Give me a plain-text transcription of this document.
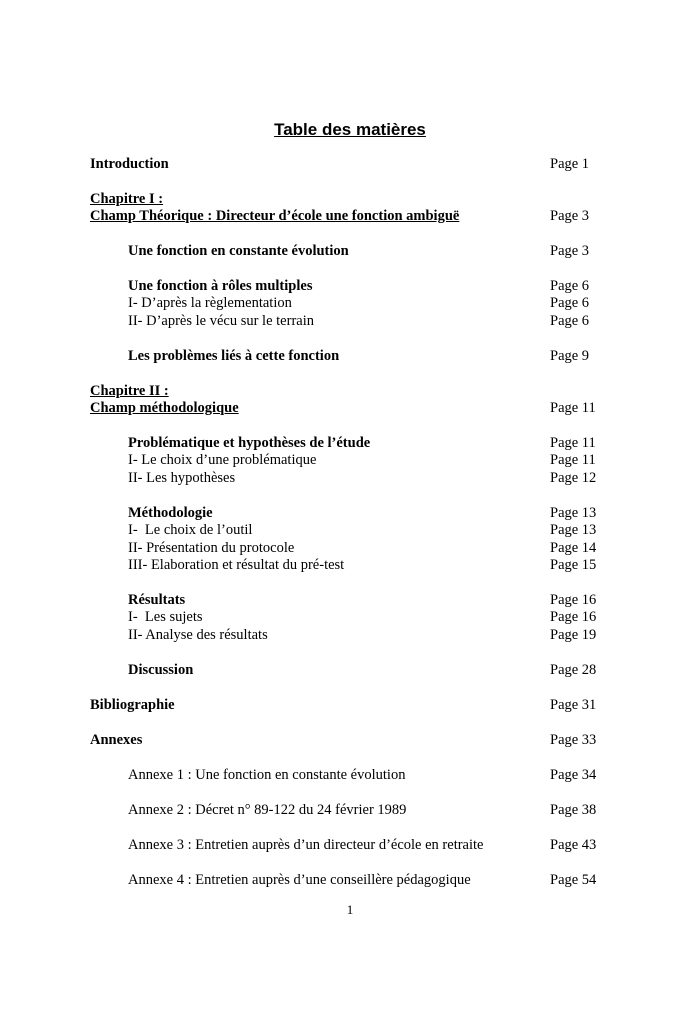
Table des matières
Introduction	Page 1
Chapitre I :
Champ Théorique : Directeur d’école une fonction ambiguë	Page 3
Une fonction en constante évolution	Page 3
Une fonction à rôles multiples	Page 6
I- D’après la règlementation	Page 6
II- D’après le vécu sur le terrain	Page 6
Les problèmes liés à cette fonction	Page 9
Chapitre II :
Champ méthodologique	Page 11
Problématique et hypothèses de l’étude	Page 11
I- Le choix d’une problématique	Page 11
II- Les hypothèses	Page 12
Méthodologie	Page 13
I-  Le choix de l’outil	Page 13
II- Présentation du protocole	Page 14
III- Elaboration et résultat du pré-test	Page 15
Résultats	Page 16
I-  Les sujets	Page 16
II- Analyse des résultats	Page 19
Discussion	Page 28
Bibliographie	Page 31
Annexes	Page 33
Annexe 1 : Une fonction en constante évolution	Page 34
Annexe 2 : Décret n° 89-122 du 24 février 1989	Page 38
Annexe 3 : Entretien auprès d’un directeur d’école en retraite	Page 43
Annexe 4 : Entretien auprès d’une conseillère pédagogique	Page 54
1
